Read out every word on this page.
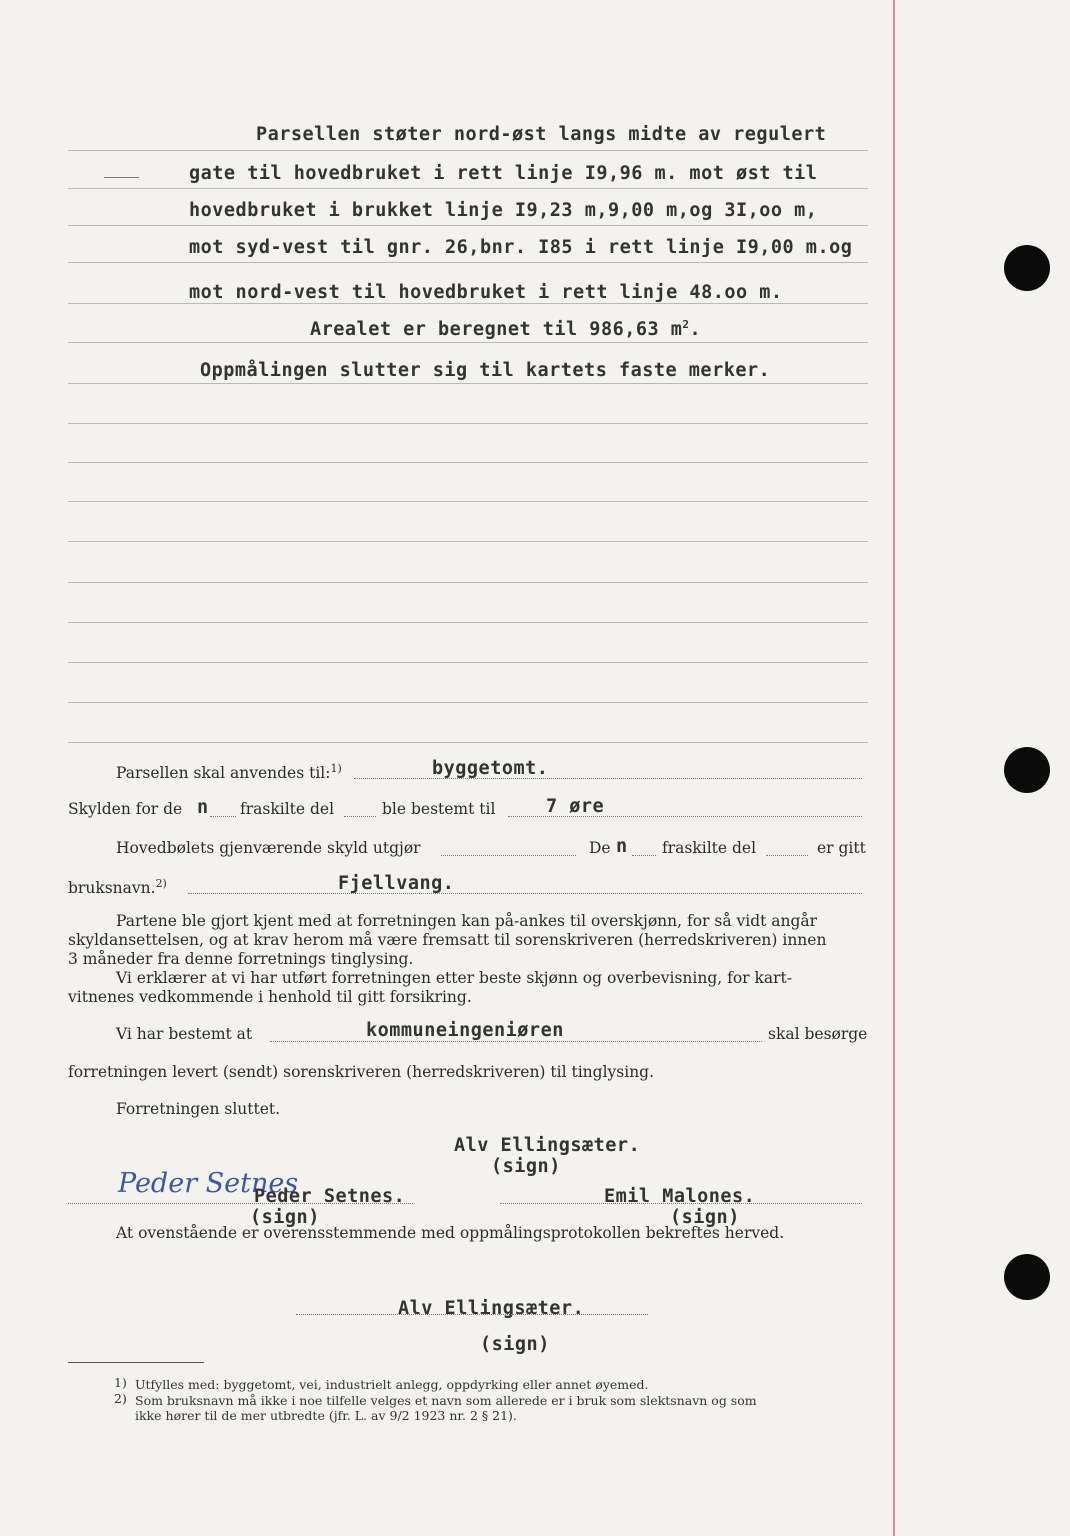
Parsellen støter nord-øst langs midte av regulert
gate til hovedbruket i rett linje I9,96 m. mot øst til
hovedbruket i brukket linje I9,23 m,9,00 m,og 3I,oo m,
mot syd-vest til gnr. 26,bnr. I85 i rett linje I9,00 m.og
mot nord-vest til hovedbruket i rett linje 48.oo m.
Arealet er beregnet til 986,63 $m^2$.
Oppmålingen slutter sig til kartets faste merker.
Parsellen skal anvendes til:$^{1)}$	byggetomt.
Skylden for de n fraskilte del	ble bestemt til	7 øre
Hovedbølets gjenværende skyld utgjør	De n fraskilte del	er gitt
bruksnavn.$^{2)}$	Fjellvang.
Partene ble gjort kjent med at forretningen kan på-ankes til overskjønn, for så vidt angår
skyldansettelsen, og at krav herom må være fremsatt til sorenskriveren (herredskriveren) innen
3 måneder fra denne forretnings tinglysing.
Vi erklærer at vi har utført forretningen etter beste skjønn og overbevisning, for kart-
vitnenes vedkommende i henhold til gitt forsikring.
Vi har bestemt at	kommuneingeniøren	skal besørge
forretningen levert (sendt) sorenskriveren (herredskriveren) til tinglysing.
Forretningen sluttet.
Alv Ellingsæter.
(sign)
Peder Setnes
Peder Setnes.
(sign)
Emil Malones.
(sign)
At ovenstående er overensstemmende med oppmålingsprotokollen bekreftes herved.
Alv Ellingsæter.
(sign)
1) Utfylles med: byggetomt, vei, industrielt anlegg, oppdyrking eller annet øyemed.
2) Som bruksnavn må ikke i noe tilfelle velges et navn som allerede er i bruk som slektsnavn og som
ikke hører til de mer utbredte (jfr. L. av 9/2 1923 nr. 2 § 21).
